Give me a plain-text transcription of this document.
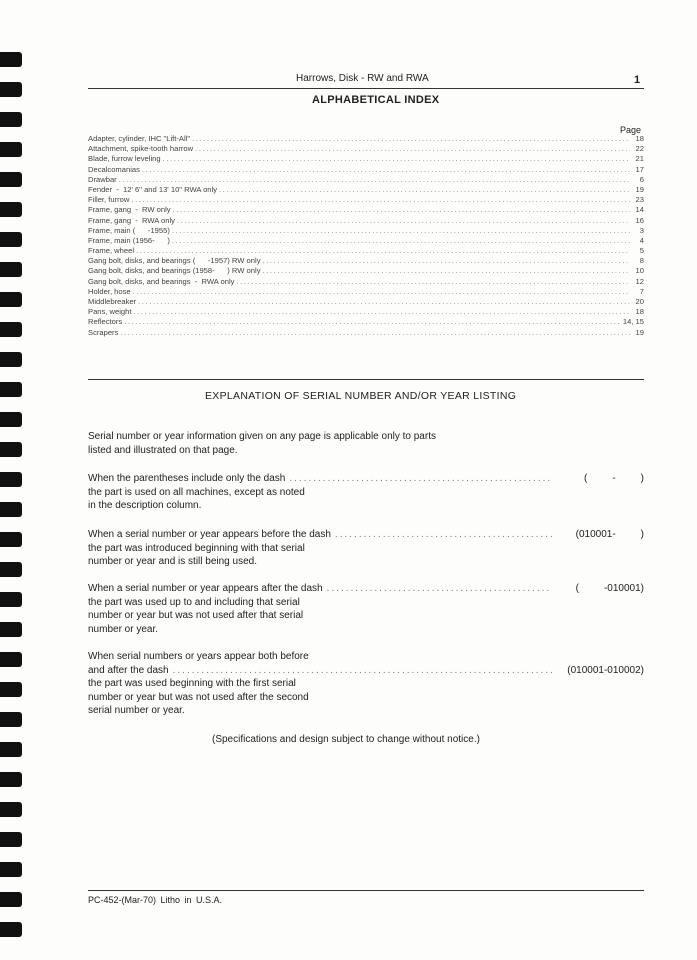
Harrows, Disk - RW and RWA	1
ALPHABETICAL INDEX
Page
Adapter, cylinder, IHC "Lift-All" .....	18
Attachment, spike-tooth harrow .....	22
Blade, furrow leveling .....	21
Decalcomanias .....	17
Drawbar .....	6
Fender  -  12' 6" and 13' 10" RWA only .....	19
Filler, furrow .....	23
Frame, gang  -  RW only .....	14
Frame, gang  -  RWA only .....	16
Frame, main (      -1955) .....	3
Frame, main (1956-      ) .....	4
Frame, wheel .....	5
Gang bolt, disks, and bearings (      -1957) RW only .....	8
Gang bolt, disks, and bearings (1958-      ) RW only .....	10
Gang bolt, disks, and bearings  -  RWA only .....	12
Holder, hose .....	7
Middlebreaker .....	20
Pans, weight .....	18
Reflectors .....	14, 15
Scrapers .....	19
EXPLANATION OF SERIAL NUMBER AND/OR YEAR LISTING
Serial number or year information given on any page is applicable only to parts
listed and illustrated on that page.
When the parentheses include only the dash .....	(         -         )
the part is used on all machines, except as noted
in the description column.
When a serial number or year appears before the dash .....	(010001-         )
the part was introduced beginning with that serial
number or year and is still being used.
When a serial number or year appears after the dash .....	(         -010001)
the part was used up to and including that serial
number or year but was not used after that serial
number or year.
When serial numbers or years appear both before
and after the dash .....	(010001-010002)
the part was used beginning with the first serial
number or year but was not used after the second
serial number or year.
(Specifications and design subject to change without notice.)
PC-452-(Mar-70) Litho in U.S.A.
